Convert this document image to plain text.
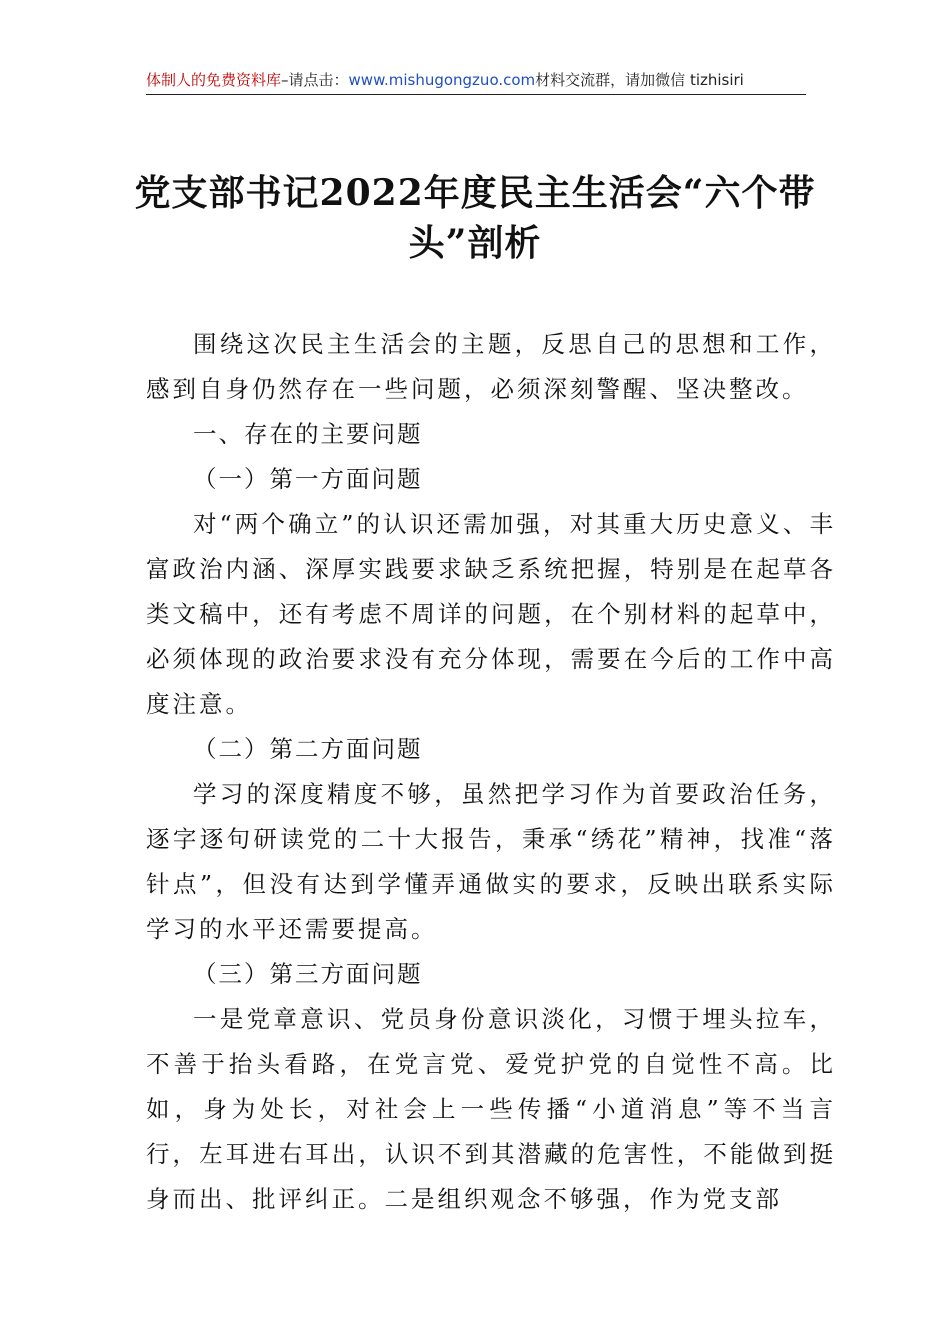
体制人的免费资料库–请点击：www.mishugongzuo.com材料交流群，请加微信 tizhisiri
党支部书记2022年度民主生活会“六个带头”剖析

围绕这次民主生活会的主题，反思自己的思想和工作，感到自身仍然存在一些问题，必须深刻警醒、坚决整改。

一、存在的主要问题

（一）第一方面问题

对“两个确立”的认识还需加强，对其重大历史意义、丰富政治内涵、深厚实践要求缺乏系统把握，特别是在起草各类文稿中，还有考虑不周详的问题，在个别材料的起草中，必须体现的政治要求没有充分体现，需要在今后的工作中高度注意。

（二）第二方面问题

学习的深度精度不够，虽然把学习作为首要政治任务，逐字逐句研读党的二十大报告，秉承“绣花”精神，找准“落针点”，但没有达到学懂弄通做实的要求，反映出联系实际学习的水平还需要提高。

（三）第三方面问题

一是党章意识、党员身份意识淡化，习惯于埋头拉车，不善于抬头看路，在党言党、爱党护党的自觉性不高。比如，身为处长，对社会上一些传播“小道消息”等不当言行，左耳进右耳出，认识不到其潜藏的危害性，不能做到挺身而出、批评纠正。二是组织观念不够强，作为党支部
